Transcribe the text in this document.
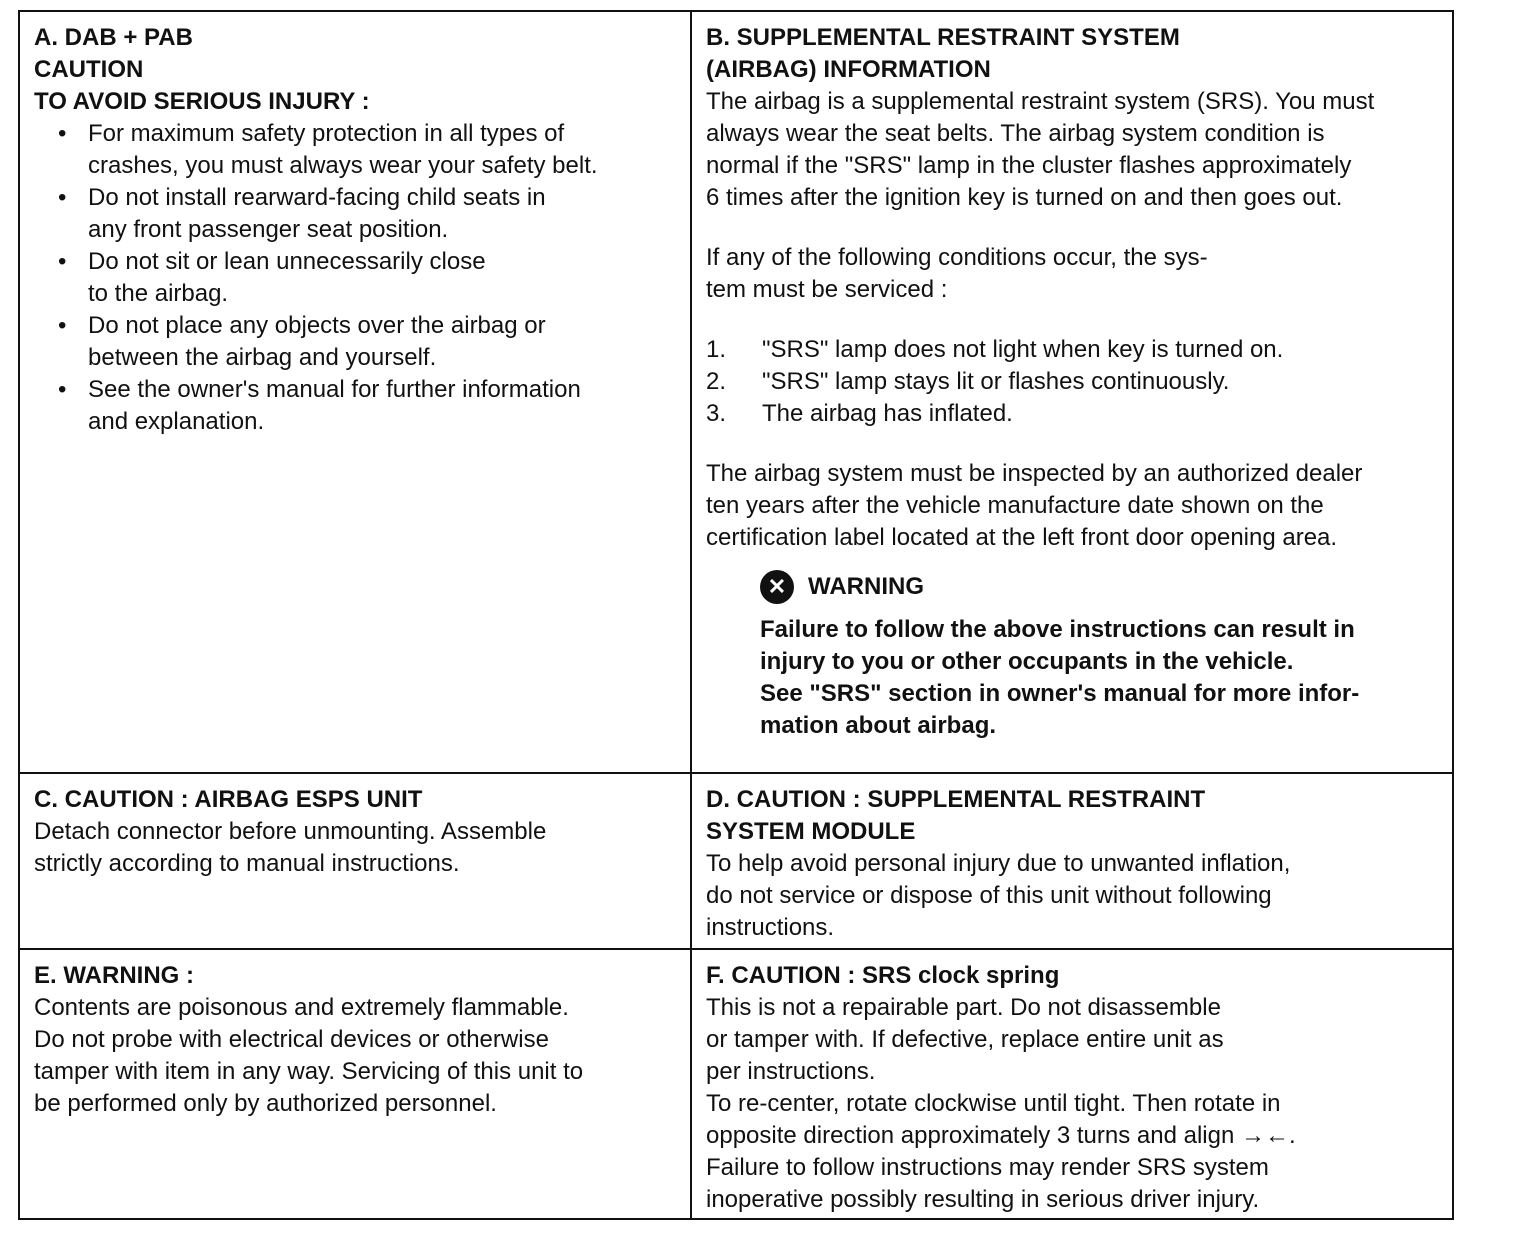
A. DAB + PAB
CAUTION
TO AVOID SERIOUS INJURY :
• For maximum safety protection in all types of
crashes, you must always wear your safety belt.
• Do not install rearward-facing child seats in
any front passenger seat position.
• Do not sit or lean unnecessarily close
to the airbag.
• Do not place any objects over the airbag or
between the airbag and yourself.
• See the owner's manual for further information
and explanation.
B. SUPPLEMENTAL RESTRAINT SYSTEM
(AIRBAG) INFORMATION
The airbag is a supplemental restraint system (SRS). You must
always wear the seat belts. The airbag system condition is
normal if the "SRS" lamp in the cluster flashes approximately
6 times after the ignition key is turned on and then goes out.
If any of the following conditions occur, the sys-
tem must be serviced :
1.	"SRS" lamp does not light when key is turned on.
2.	"SRS" lamp stays lit or flashes continuously.
3.	The airbag has inflated.
The airbag system must be inspected by an authorized dealer
ten years after the vehicle manufacture date shown on the
certification label located at the left front door opening area.
✕ WARNING
Failure to follow the above instructions can result in
injury to you or other occupants in the vehicle.
See "SRS" section in owner's manual for more infor-
mation about airbag.
C. CAUTION : AIRBAG ESPS UNIT
Detach connector before unmounting. Assemble
strictly according to manual instructions.
D. CAUTION : SUPPLEMENTAL RESTRAINT
SYSTEM MODULE
To help avoid personal injury due to unwanted inflation,
do not service or dispose of this unit without following
instructions.
E. WARNING :
Contents are poisonous and extremely flammable.
Do not probe with electrical devices or otherwise
tamper with item in any way. Servicing of this unit to
be performed only by authorized personnel.
F. CAUTION : SRS clock spring
This is not a repairable part. Do not disassemble
or tamper with. If defective, replace entire unit as
per instructions.
To re-center, rotate clockwise until tight. Then rotate in
opposite direction approximately 3 turns and align →←.
Failure to follow instructions may render SRS system
inoperative possibly resulting in serious driver injury.
